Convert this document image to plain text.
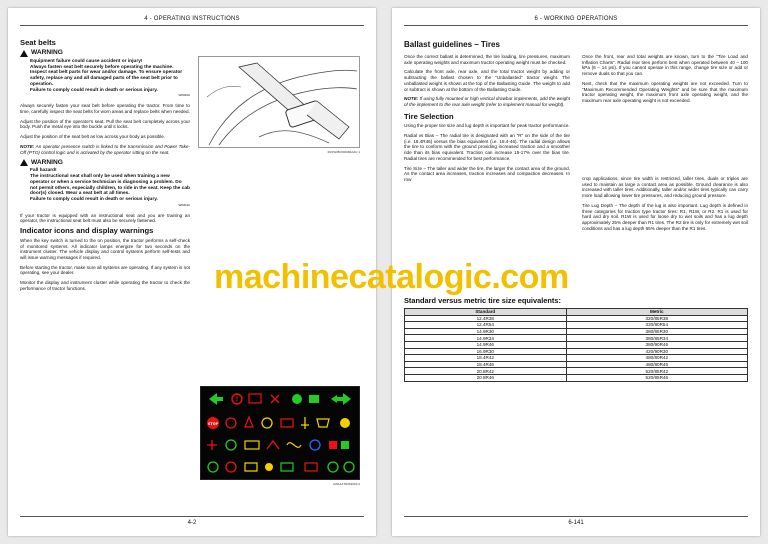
4 - OPERATING INSTRUCTIONS
Seat belts
WARNING
Equipment failure could cause accident or injury!
Always fasten seat belt securely before operating the machine. Inspect seat belt parts for wear and/or damage. To ensure operator safety, replace any and all damaged parts of the seat belt prior to operation.
Failure to comply could result in death or serious injury.
W0046A

Always securely fasten your seat belt before operating the tractor. From time to time, carefully inspect the seat belts for worn areas and replace belts when needed.

Adjust the position of the operator's seat. Pull the seat belt completely across your body. Push the metal eye into the buckle until it locks.

Adjust the position of the seat belt as low across your body as possible.

NOTE: An operator presence switch is linked to the transmission and Power Take-Off (PTO) control logic and is activated by the operator sitting on the seat.

WARNING
Fall hazard!
The instructional seat shall only be used when training a new operator or when a service technician is diagnosing a problem. Do not permit others, especially children, to ride in the seat. Keep the cab door(s) closed. Wear a seat belt at all times.
Failure to comply could result in death or serious injury.
W0301A

If your tractor is equipped with an instructional seat and you are training an operator, the instructional seat belt must also be securely fastened.

Indicator icons and display warnings

When the key switch is turned to the on position, the tractor performs a self-check of monitored systems. All indicator lamps energize for two seconds on the instrument cluster. The vehicle display and control systems perform self-tests and will issue warning messages if required.

Before starting the tractor, make sure all systems are operating. If any system is not operating, see your dealer.

Monitor the display and instrument cluster while operating the tractor to check the performance of tractor functions.

RCPH08OOD084AAC 1
!
STOP
RAIL14TR0620FA 2
4-2
6 - WORKING OPERATIONS
Ballast guidelines – Tires

Once the correct ballast is determined, the tire loading, tire pressures, maximum axle operating weights and maximum tractor operating weight must be checked.

Calculate the front axle, rear axle, and the total tractor weight by adding or subtracting the ballast chosen to the "Unballasted" tractor weight. The unballasted weight is shown at the top of the Ballasting Guide. The weight to add or subtract is shown at the bottom of the Ballasting Guide.

NOTE: If using fully mounted or high vertical drawbar implements, add the weight of the implement to the rear axle weight (refer to implement manual for weight).

Tire Selection

Using the proper tire size and lug depth is important for peak tractor performance.

Radial vs Bias – The radial tire is designated with an "R" on the side of the tire (i.e. 18.4R46) versus the bias equivalent (i.e. 18.4-46). The radial design allows the tire to conform with the ground providing increased traction and a smoother ride than its bias equivalent. Traction can increase 15-17% over the bias tire. Radial tires are recommended for best performance.

Tire Size – The taller and wider the tire, the larger the contact area of the ground. As the contact area increases, traction increases and compaction decreases. In row

Once the front, rear and total weights are known, turn to the "Tire Load and Inflation Charts". Radial rear tires perform best when operated between 40 – 100 kPa (6 – 14 psi). If you cannot operate in this range, change tire size or add or remove duals so that you can.

Next, check that the maximum operating weights are not exceeded. Turn to "Maximum Recommended Operating Weights" and be sure that the maximum tractor operating weight, the maximum front axle operating weight, and the maximum rear axle operating weight is not exceeded.

crop applications, since tire width is restricted, taller tires, duals or triples are used to maintain as large a contact area as possible. Ground clearance is also increased with taller tires. Additionally, taller and/or wider tires typically can carry more load allowing lower tire pressures, and reducing ground pressure.

Tire Lug Depth – The depth of the lug is also important. Lug depth is defined in three categories for traction type tractor tires: R1, R1W, or R2. R1 is used for hard and dry soil. R1W is used for loose dry to wet soils and has a lug depth approximately 25% deeper than R1 tires. The R2 tire is only for extremely wet soil conditions and has a lug depth 65% deeper than the R1 tires.

Standard versus metric tire size equivalents:
Standard	Metric
12.4R38	320/85R38
12.4R54	320/90R54
14.9R30	380/85R30
14.9R34	380/85R34
14.9R46	380/90R46
16.9R30	420/90R30
18.4R42	480/80R42
18.4R46	480/80R46
20.8R42	520/85R42
20.8R46	520/85R46
6-141
machinecatalogic.com
